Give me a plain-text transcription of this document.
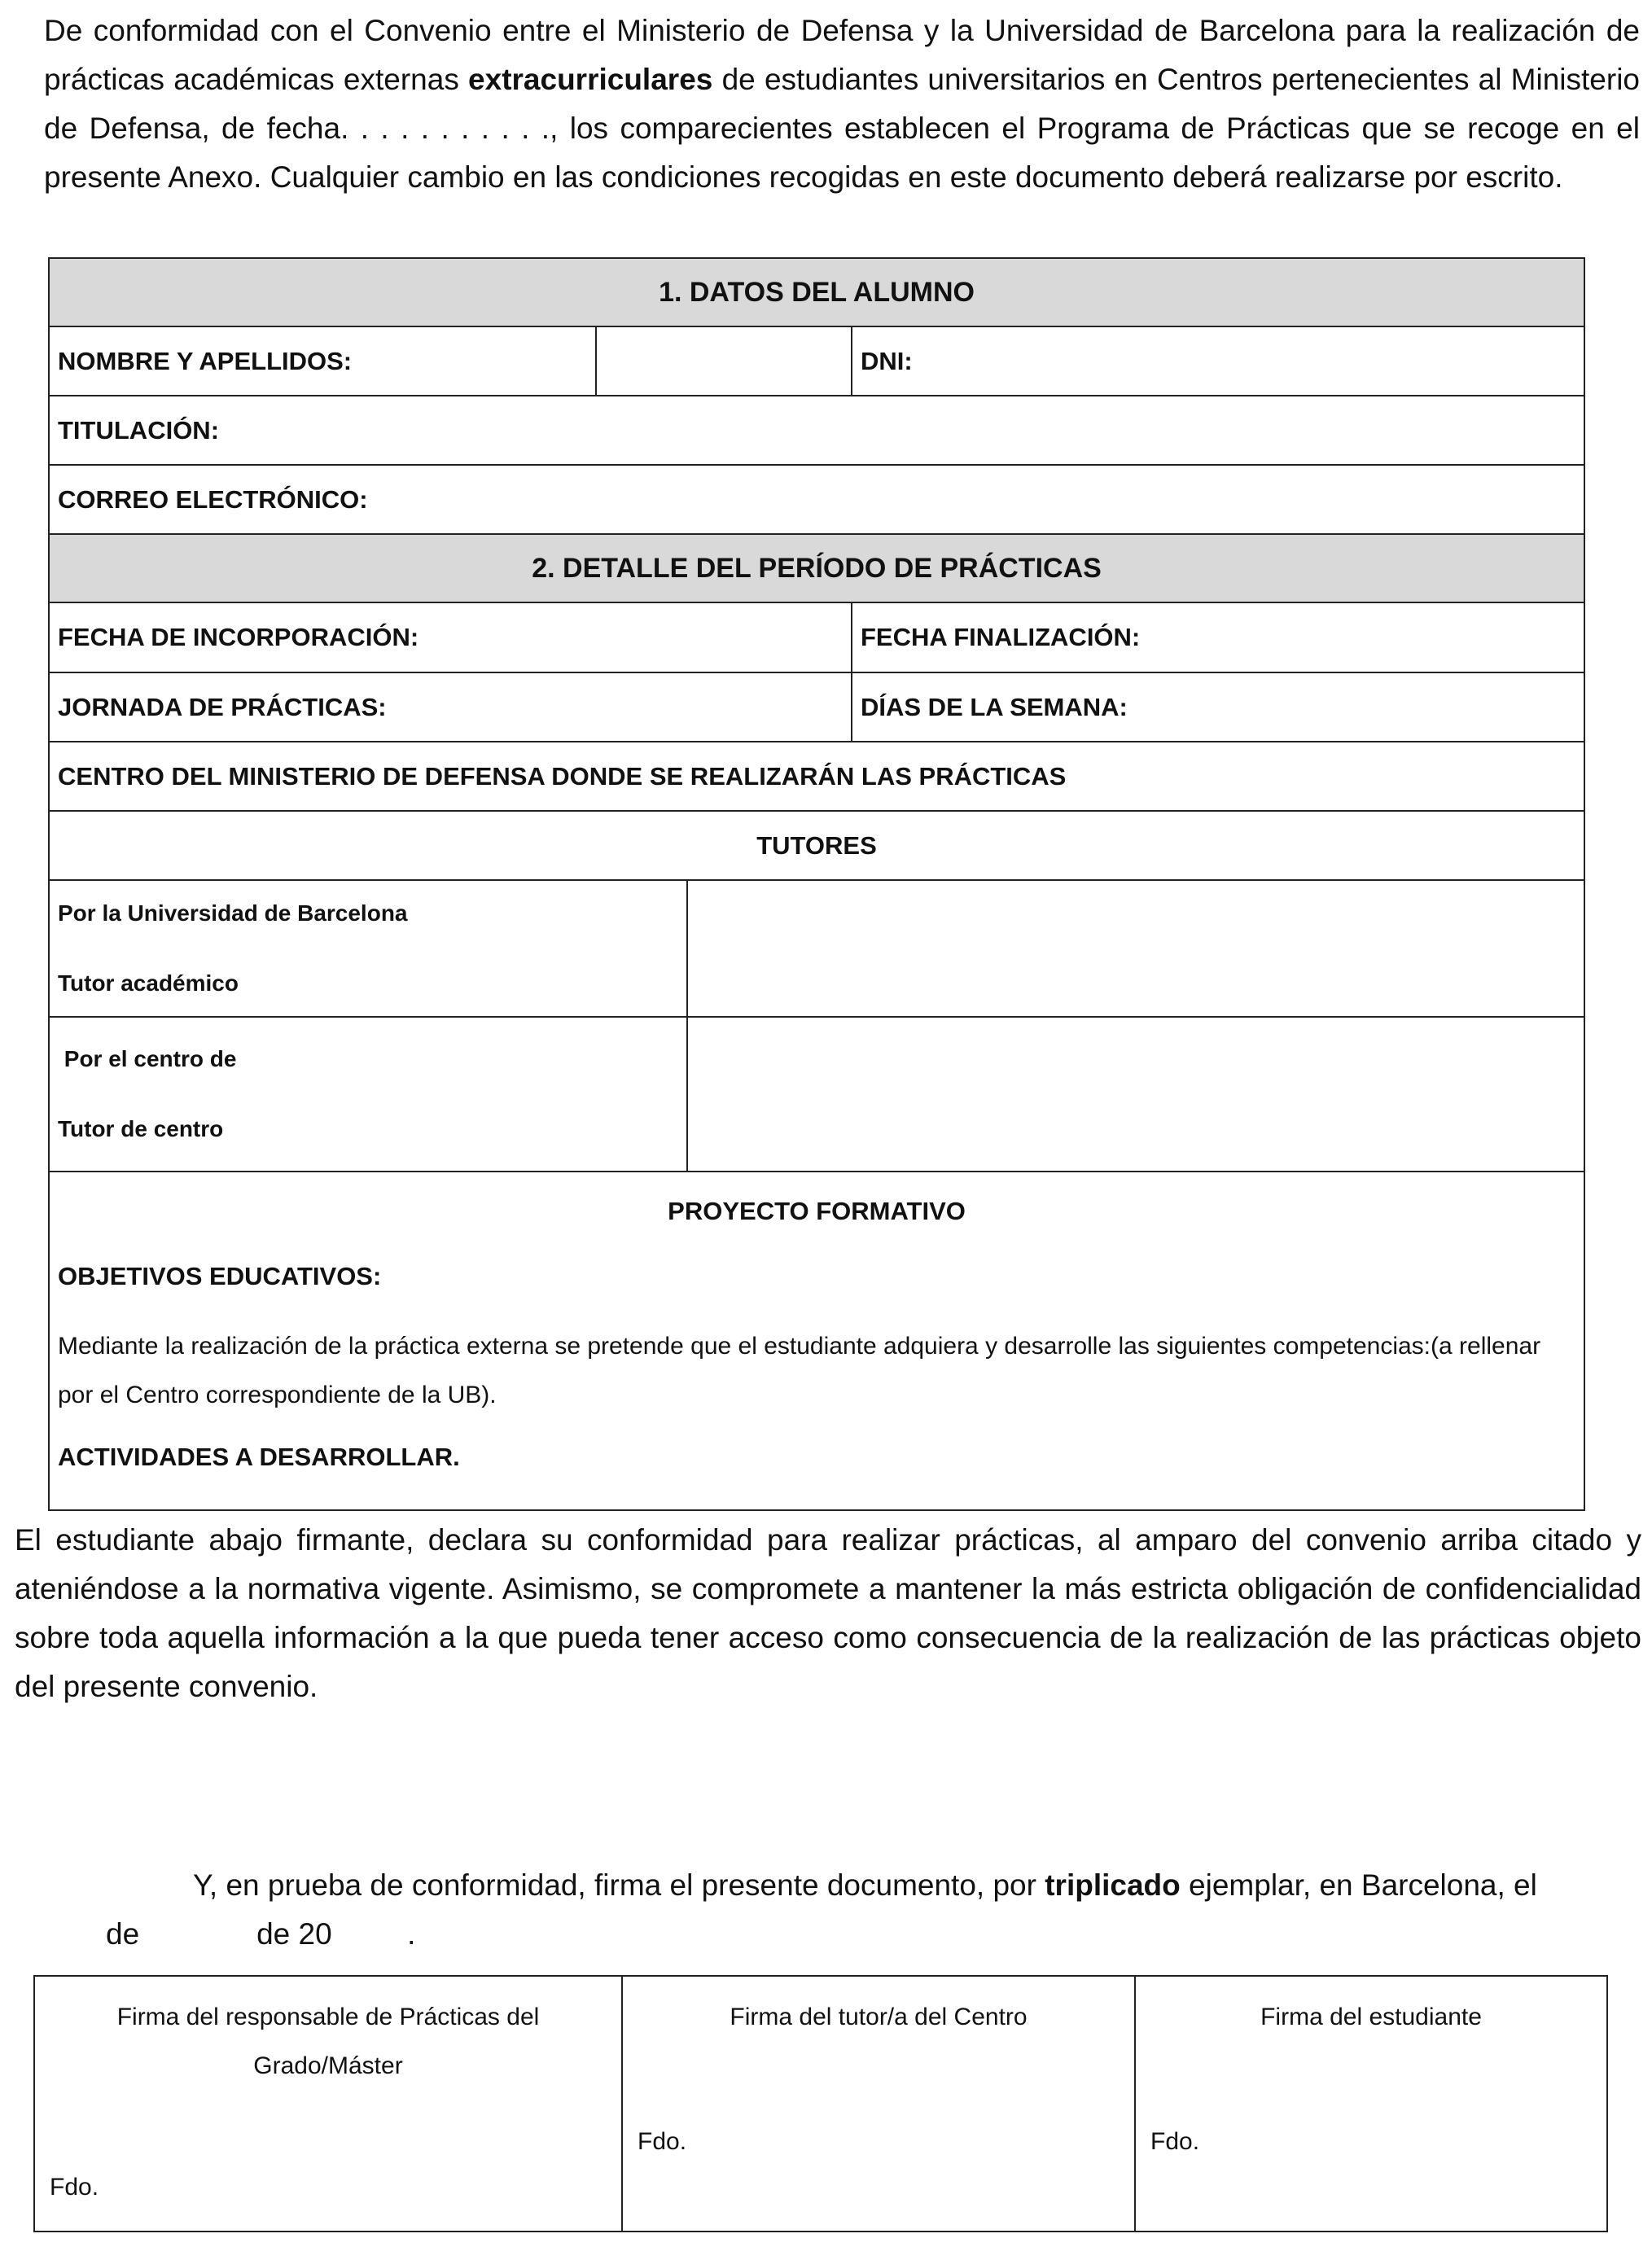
De conformidad con el Convenio entre el Ministerio de Defensa y la Universidad de Barcelona para la realización de prácticas académicas externas extracurriculares de estudiantes universitarios en Centros pertenecientes al Ministerio de Defensa, de fecha. . . . . . . . . . ., los comparecientes establecen el Programa de Prácticas que se recoge en el presente Anexo. Cualquier cambio en las condiciones recogidas en este documento deberá realizarse por escrito.

1. DATOS DEL ALUMNO			
NOMBRE Y APELLIDOS:			DNI:
TITULACIÓN:			
CORREO ELECTRÓNICO:			
2. DETALLE DEL PERÍODO DE PRÁCTICAS			
FECHA DE INCORPORACIÓN:			FECHA FINALIZACIÓN:
JORNADA DE PRÁCTICAS:			DÍAS DE LA SEMANA:
CENTRO DEL MINISTERIO DE DEFENSA DONDE SE REALIZARÁN LAS PRÁCTICAS			
TUTORES			

Por la Universidad de Barcelona
Tutor académico			

Por el centro de
Tutor de centro			

PROYECTO FORMATIVO
OBJETIVOS EDUCATIVOS:
Mediante la realización de la práctica externa se pretende que el estudiante adquiera y desarrolle las siguientes competencias:(a rellenar por el Centro correspondiente de la UB).
ACTIVIDADES A DESARROLLAR.			

El estudiante abajo firmante, declara su conformidad para realizar prácticas, al amparo del convenio arriba citado y ateniéndose a la normativa vigente. Asimismo, se compromete a mantener la más estricta obligación de confidencialidad sobre toda aquella información a la que pueda tener acceso como consecuencia de la realización de las prácticas objeto del presente convenio.

Y, en prueba de conformidad, firma el presente documento, por triplicado ejemplar, en Barcelona, el

de              de 20         .
Firma del responsable de Prácticas del Grado/Máster
Fdo.

Firma del tutor/a del Centro
Fdo.

Firma del estudiante
Fdo.
